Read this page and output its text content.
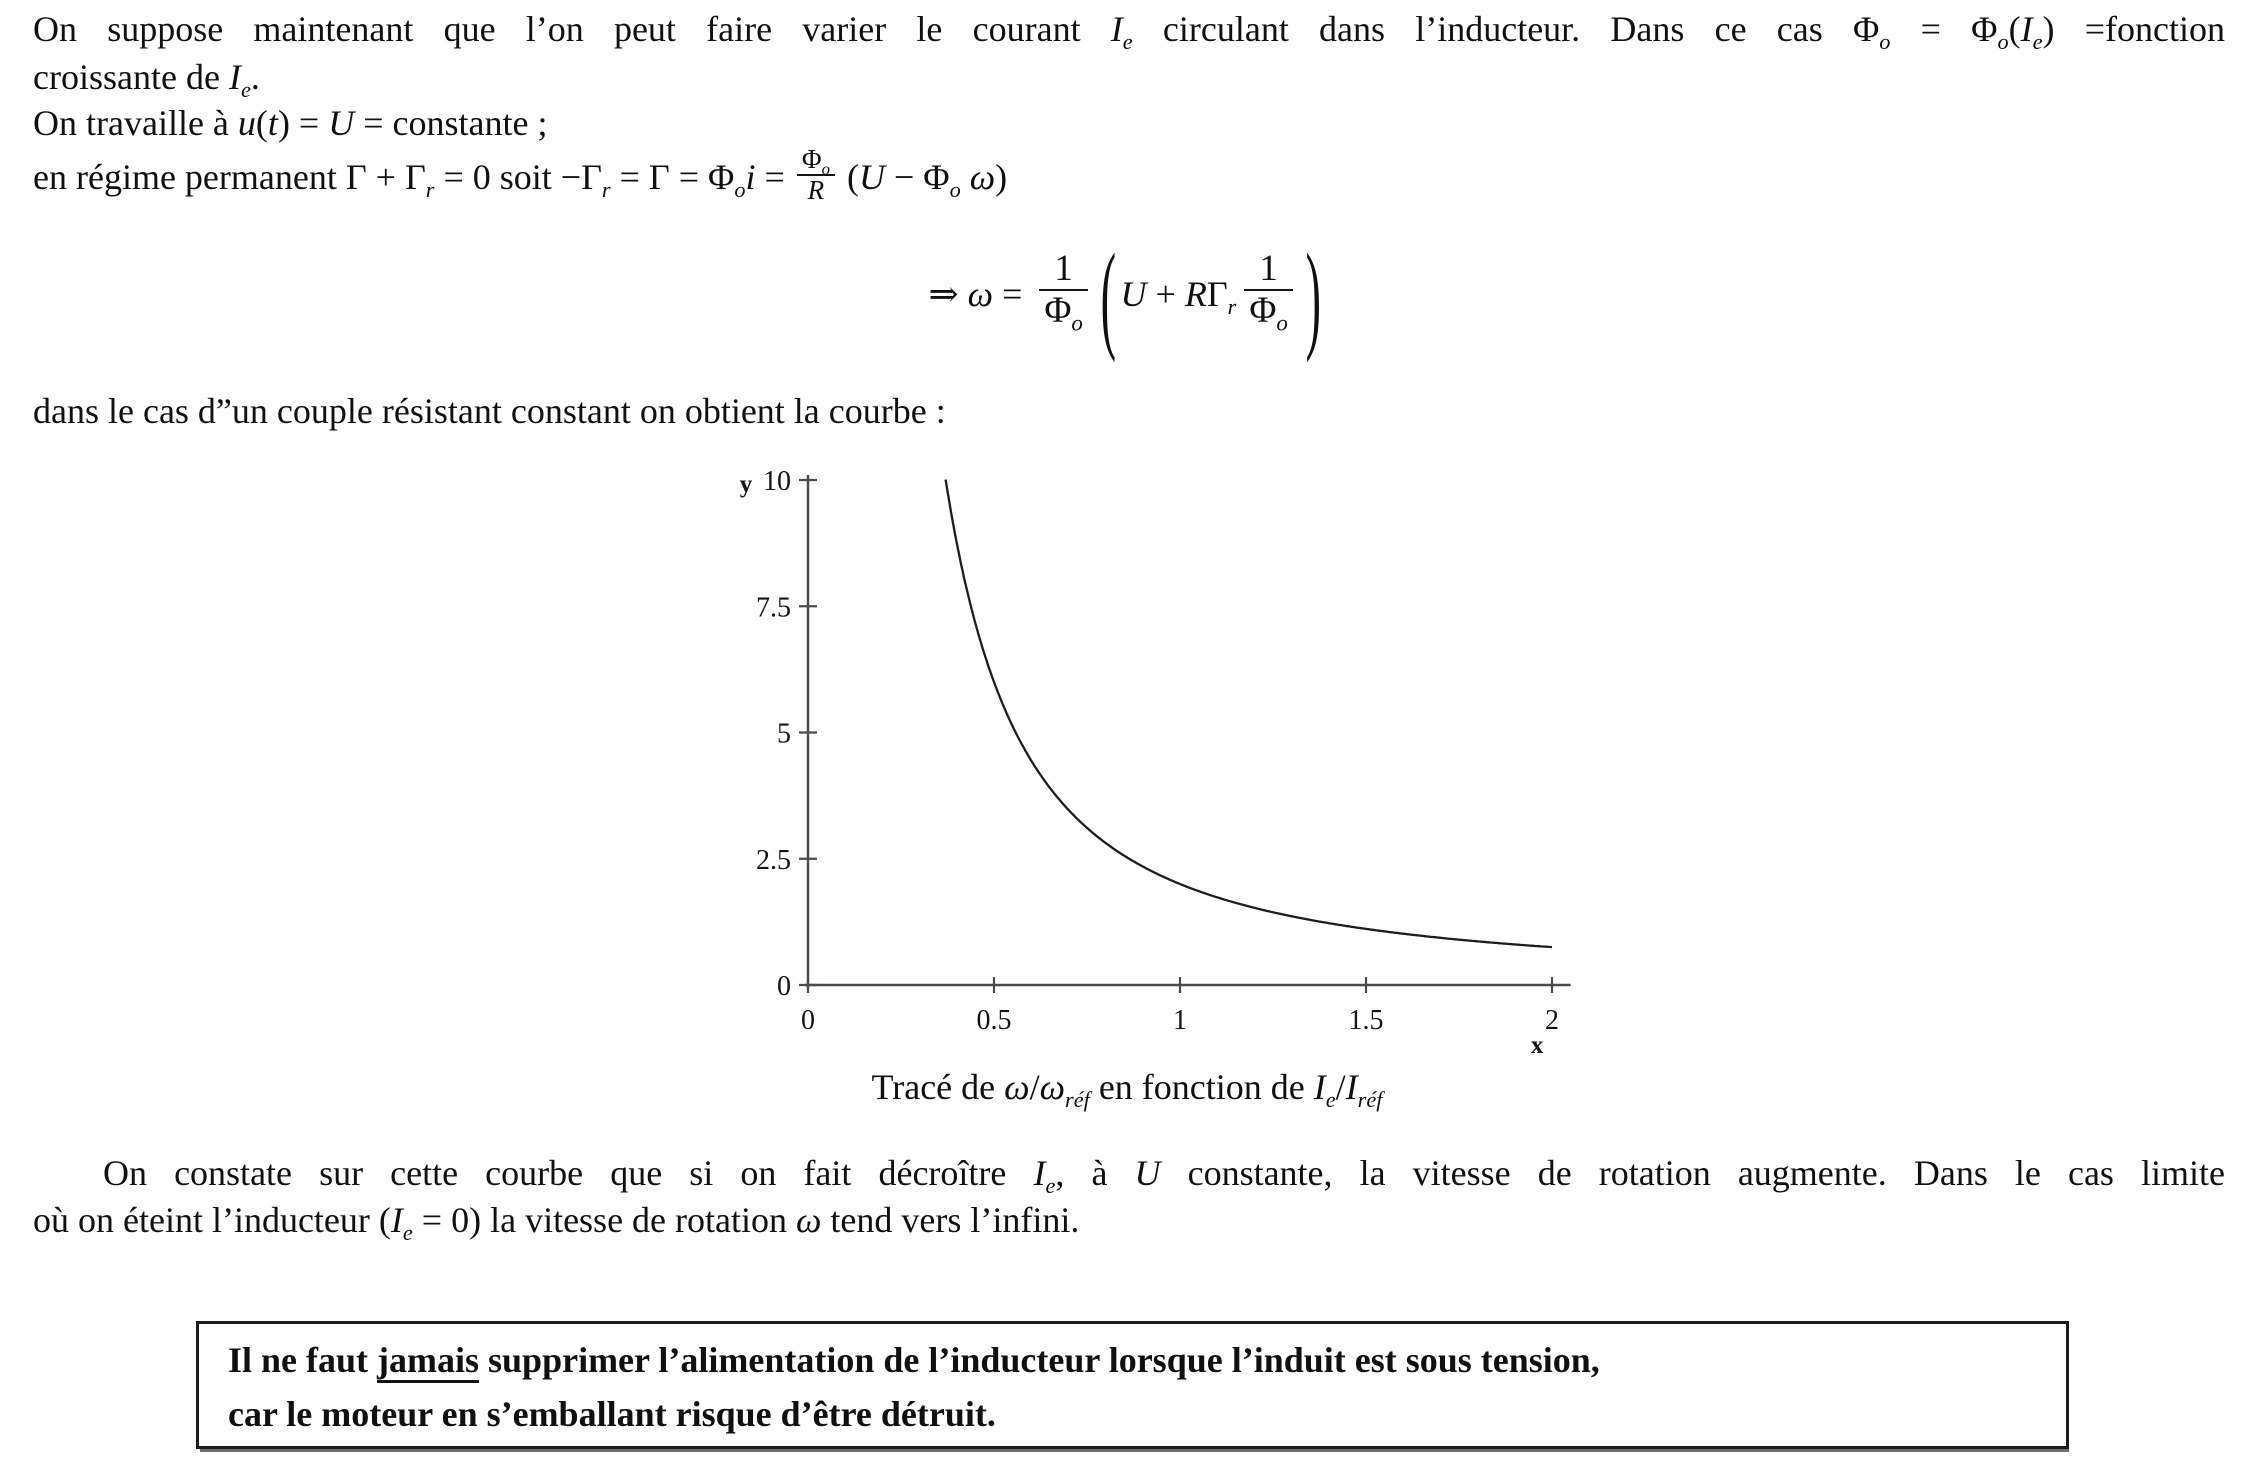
On suppose maintenant que l’on peut faire varier le courant $I_e$ circulant dans l’inducteur. Dans ce cas $\Phi_o = \Phi_o(I_e)$ =fonction
croissante de $I_e$.
On travaille à u(t) = U = constante ;
en régime permanent $\Gamma + \Gamma_r = 0$ soit $-\Gamma_r = \Gamma = \Phi_oi = \frac{\Phi_o}{R} (U - \Phi_o$ ω)
⇒ $\omega = \frac{1}{\Phi_o}$ ( $U + R\Gamma_r \frac{1}{\Phi_o}$ )
dans le cas d”un couple résistant constant on obtient la courbe :
0
2.5
5
7.5
10
0	0.5	1	1.5	2
y
x
Tracé de $\omega/\omega_{réf}$ en fonction de $I_e/I_{réf}$
On constate sur cette courbe que si on fait décroître $I_e$, à U constante, la vitesse de rotation augmente. Dans le cas limite
où on éteint l’inducteur $(I_e = 0)$ la vitesse de rotation ω tend vers l’infini.
Il ne faut jamais supprimer l’alimentation de l’inducteur lorsque l’induit est sous tension,
car le moteur en s’emballant risque d’être détruit.
